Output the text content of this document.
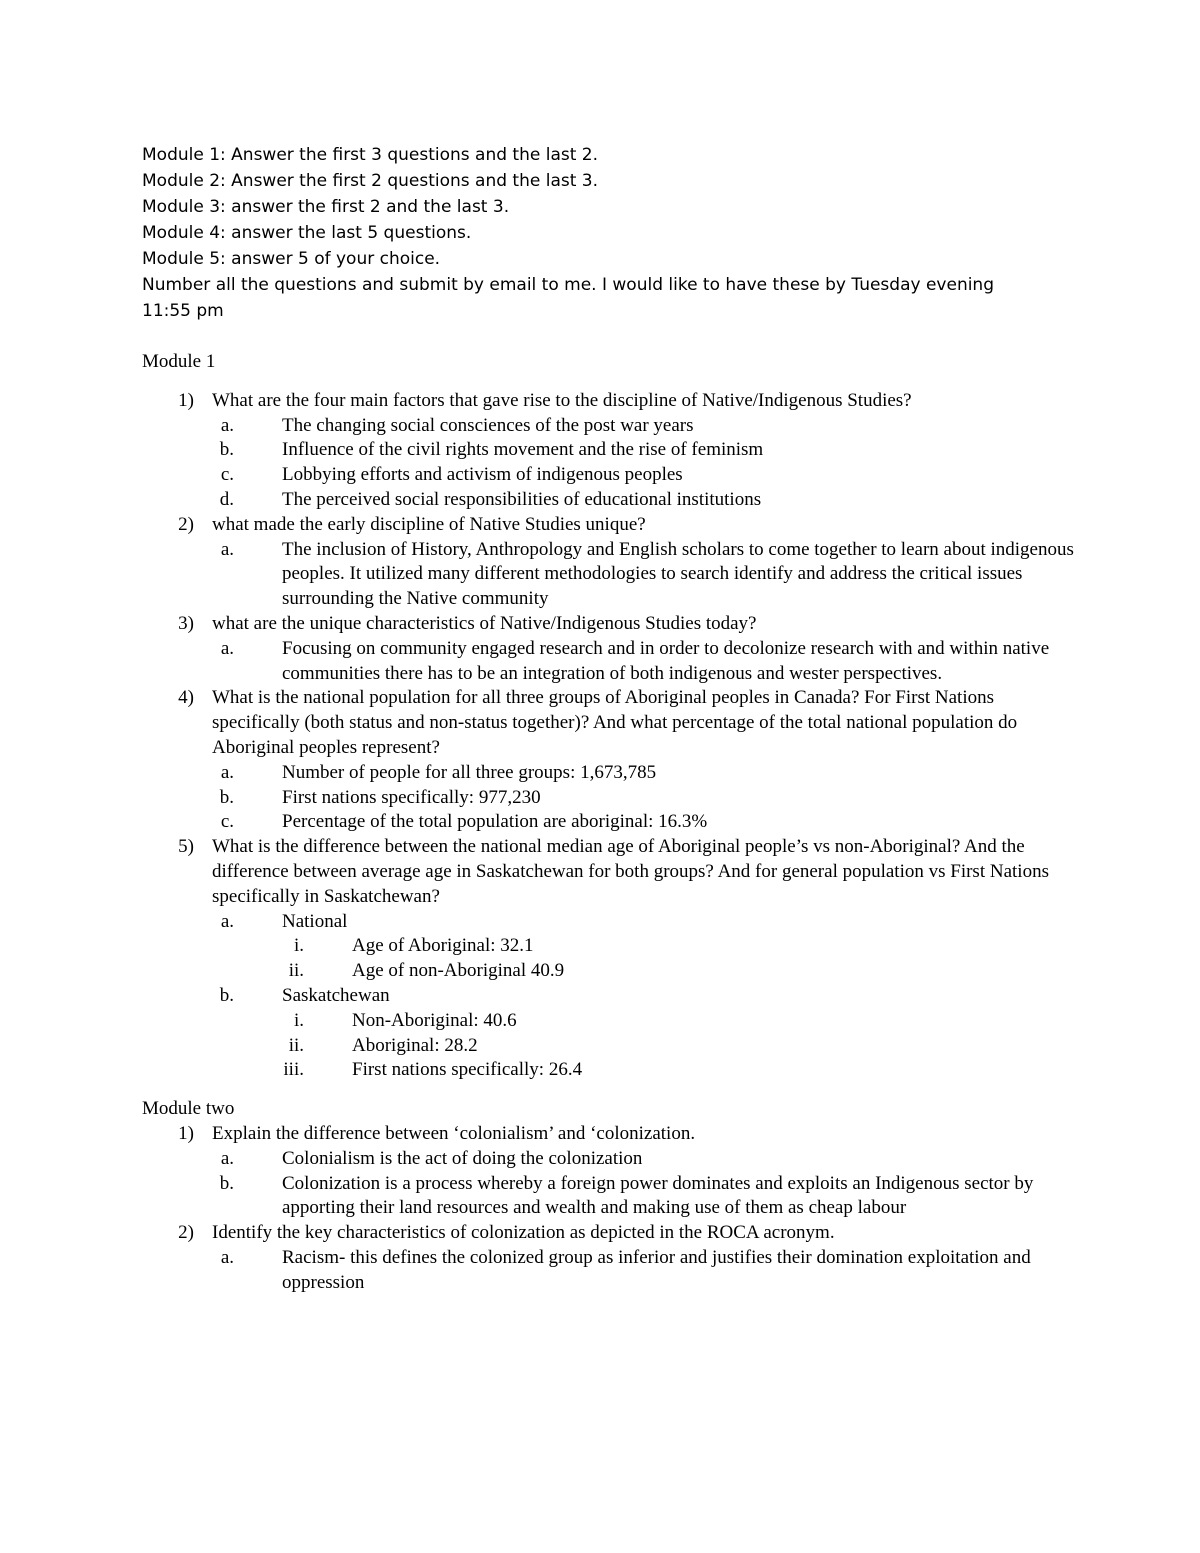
Module 1: Answer the first 3 questions and the last 2.

Module 2: Answer the first 2 questions and the last 3.

Module 3: answer the first 2 and the last 3.

Module 4: answer the last 5 questions.

Module 5: answer 5 of your choice.

Number all the questions and submit by email to me. I would like to have these by Tuesday evening

11:55 pm

Module 1

1) What are the four main factors that gave rise to the discipline of Native/Indigenous Studies?
a.	The changing social consciences of the post war years
b.	Influence of the civil rights movement and the rise of feminism
c.	Lobbying efforts and activism of indigenous peoples
d.	The perceived social responsibilities of educational institutions
2) what made the early discipline of Native Studies unique?
a.	The inclusion of History, Anthropology and English scholars to come together to learn about indigenous peoples. It utilized many different methodologies to search identify and address the critical issues surrounding the Native community
3) what are the unique characteristics of Native/Indigenous Studies today?
a.	Focusing on community engaged research and in order to decolonize research with and within native communities there has to be an integration of both indigenous and wester perspectives.
4) What is the national population for all three groups of Aboriginal peoples in Canada? For First Nations specifically (both status and non-status together)? And what percentage of the total national population do Aboriginal peoples represent?
a.	Number of people for all three groups: 1,673,785
b.	First nations specifically: 977,230
c.	Percentage of the total population are aboriginal: 16.3%
5) What is the difference between the national median age of Aboriginal people’s vs non-Aboriginal? And the difference between average age in Saskatchewan for both groups? And for general population vs First Nations specifically in Saskatchewan?
a.	National
i.	Age of Aboriginal: 32.1
ii.	Age of non-Aboriginal 40.9
b.	Saskatchewan
i.	Non-Aboriginal: 40.6
ii.	Aboriginal: 28.2
iii.	First nations specifically: 26.4

Module two

1) Explain the difference between ‘colonialism’ and ‘colonization.
a.	Colonialism is the act of doing the colonization
b.	Colonization is a process whereby a foreign power dominates and exploits an Indigenous sector by apporting their land resources and wealth and making use of them as cheap labour
2) Identify the key characteristics of colonization as depicted in the ROCA acronym.
a.	Racism- this defines the colonized group as inferior and justifies their domination exploitation and oppression
